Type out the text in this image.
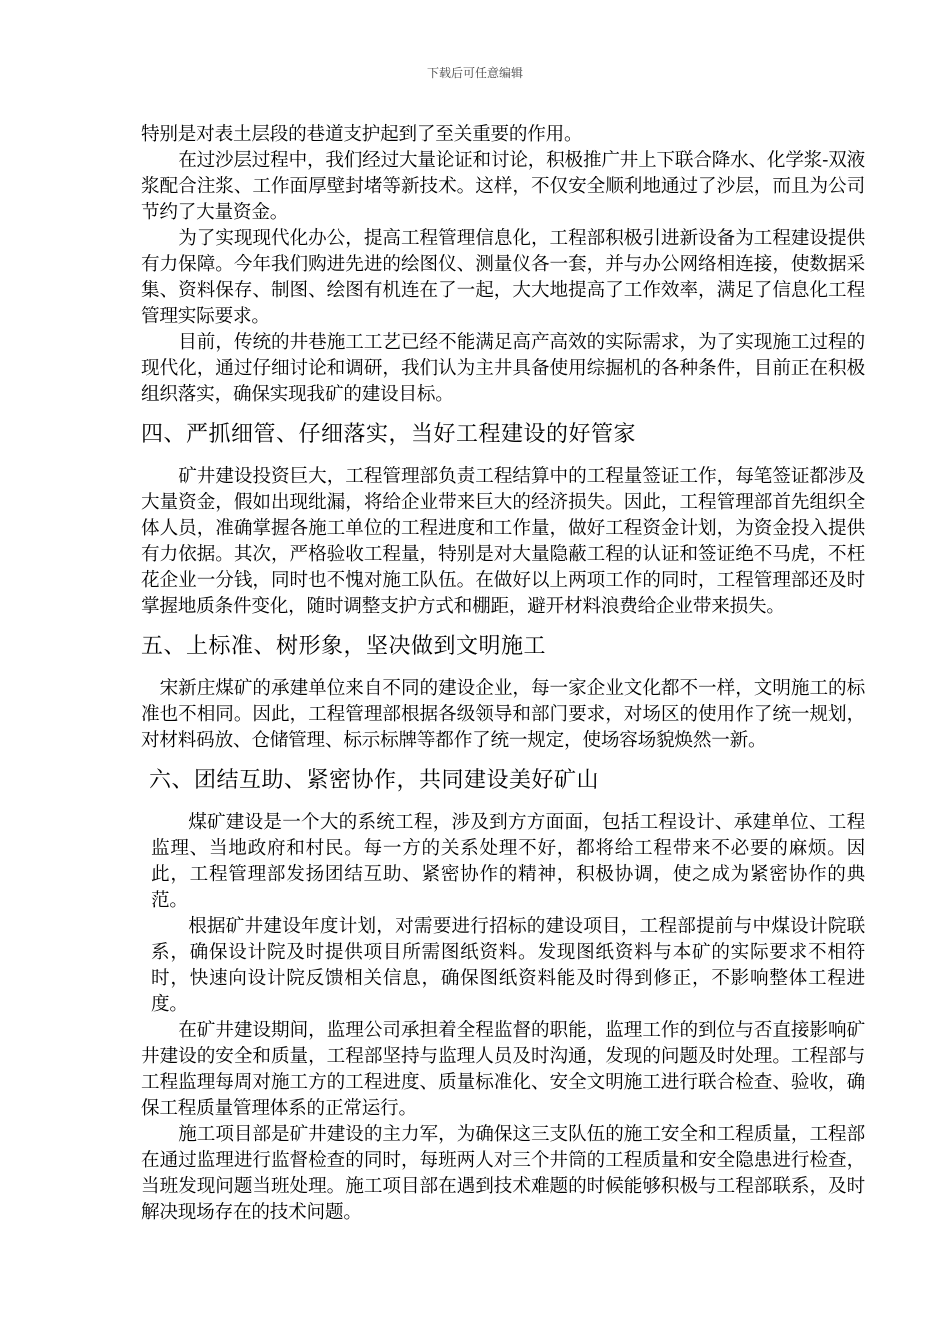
下载后可任意编辑

特别是对表土层段的巷道支护起到了至关重要的作用。

在过沙层过程中，我们经过大量论证和讨论，积极推广井上下联合降水、化学浆-双液浆配合注浆、工作面厚壁封堵等新技术。这样，不仅安全顺利地通过了沙层，而且为公司节约了大量资金。

为了实现现代化办公，提高工程管理信息化，工程部积极引进新设备为工程建设提供有力保障。今年我们购进先进的绘图仪、测量仪各一套，并与办公网络相连接，使数据采集、资料保存、制图、绘图有机连在了一起，大大地提高了工作效率，满足了信息化工程管理实际要求。

目前，传统的井巷施工工艺已经不能满足高产高效的实际需求，为了实现施工过程的现代化，通过仔细讨论和调研，我们认为主井具备使用综掘机的各种条件，目前正在积极组织落实，确保实现我矿的建设目标。

四、严抓细管、仔细落实，当好工程建设的好管家

矿井建设投资巨大，工程管理部负责工程结算中的工程量签证工作，每笔签证都涉及大量资金，假如出现纰漏，将给企业带来巨大的经济损失。因此，工程管理部首先组织全体人员，准确掌握各施工单位的工程进度和工作量，做好工程资金计划，为资金投入提供有力依据。其次，严格验收工程量，特别是对大量隐蔽工程的认证和签证绝不马虎，不枉花企业一分钱，同时也不愧对施工队伍。在做好以上两项工作的同时，工程管理部还及时掌握地质条件变化，随时调整支护方式和棚距，避开材料浪费给企业带来损失。

五、上标准、树形象，坚决做到文明施工

宋新庄煤矿的承建单位来自不同的建设企业，每一家企业文化都不一样，文明施工的标准也不相同。因此，工程管理部根据各级领导和部门要求，对场区的使用作了统一规划，对材料码放、仓储管理、标示标牌等都作了统一规定，使场容场貌焕然一新。

六、团结互助、紧密协作，共同建设美好矿山

煤矿建设是一个大的系统工程，涉及到方方面面，包括工程设计、承建单位、工程监理、当地政府和村民。每一方的关系处理不好，都将给工程带来不必要的麻烦。因此，工程管理部发扬团结互助、紧密协作的精神，积极协调，使之成为紧密协作的典范。

根据矿井建设年度计划，对需要进行招标的建设项目，工程部提前与中煤设计院联系，确保设计院及时提供项目所需图纸资料。发现图纸资料与本矿的实际要求不相符时，快速向设计院反馈相关信息，确保图纸资料能及时得到修正，不影响整体工程进度。

在矿井建设期间，监理公司承担着全程监督的职能，监理工作的到位与否直接影响矿井建设的安全和质量，工程部坚持与监理人员及时沟通，发现的问题及时处理。工程部与工程监理每周对施工方的工程进度、质量标准化、安全文明施工进行联合检查、验收，确保工程质量管理体系的正常运行。

施工项目部是矿井建设的主力军，为确保这三支队伍的施工安全和工程质量，工程部在通过监理进行监督检查的同时，每班两人对三个井筒的工程质量和安全隐患进行检查，当班发现问题当班处理。施工项目部在遇到技术难题的时候能够积极与工程部联系，及时解决现场存在的技术问题。
